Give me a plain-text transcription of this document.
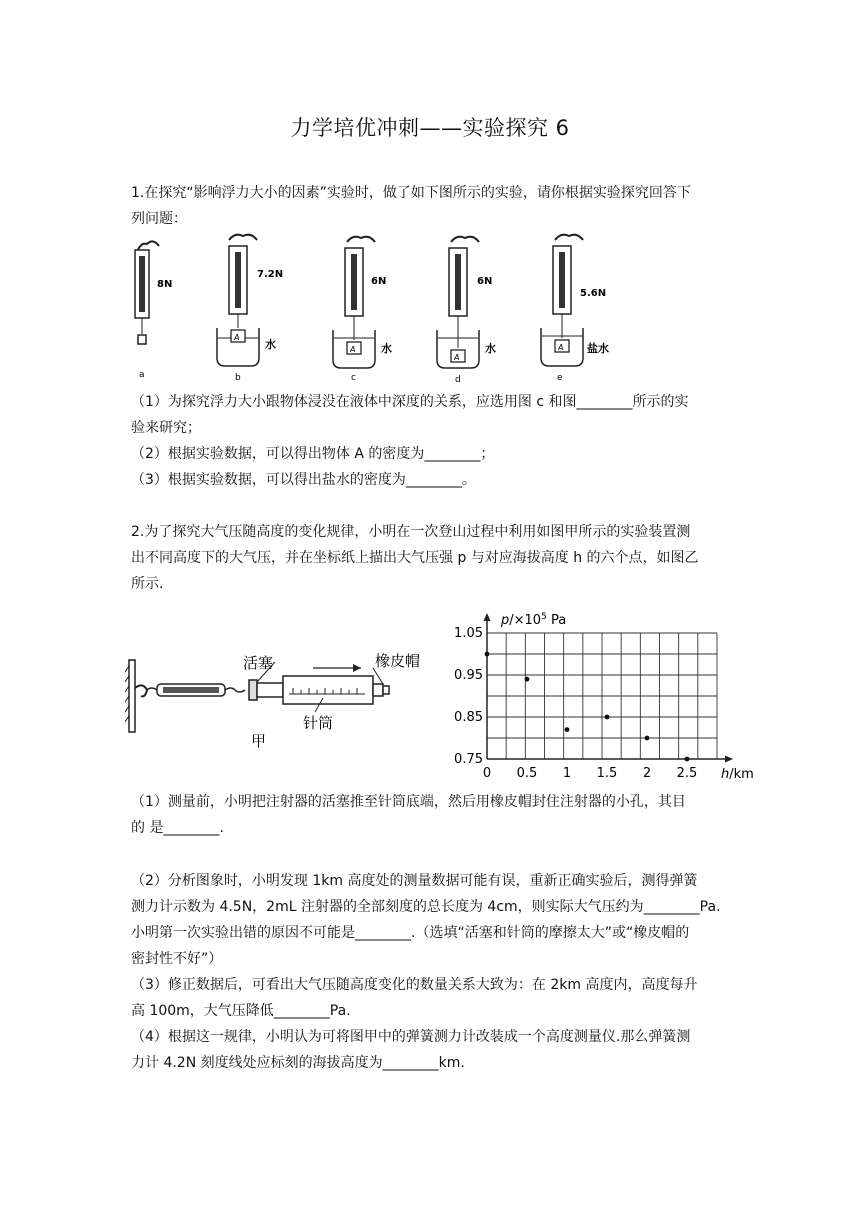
力学培优冲刺——实验探究 6
1.在探究“影响浮力大小的因素”实验时，做了如下图所示的实验，请你根据实验探究回答下
列问题：
8N
a
A
7.2N
水
b
A
6N
水
c
A
6N
水
d
A
5.6N
盐水
e
（1）为探究浮力大小跟物体浸没在液体中深度的关系，应选用图 c 和图________所示的实
验来研究；
（2）根据实验数据，可以得出物体 A 的密度为________；
（3）根据实验数据，可以得出盐水的密度为________。
2.为了探究大气压随高度的变化规律，小明在一次登山过程中利用如图甲所示的实验装置测
出不同高度下的大气压，并在坐标纸上描出大气压强 p 与对应海拔高度 h 的六个点，如图乙
所示.
活塞	橡皮帽
针筒
甲
$p/\times 10^5$ Pa
h/km
0 0.5 1 1.5 2 2.5
1.05
0.95
0.85
0.75
（1）测量前，小明把注射器的活塞推至针筒底端，然后用橡皮帽封住注射器的小孔，其目
的 是________.
（2）分析图象时，小明发现 1km 高度处的测量数据可能有误，重新正确实验后，测得弹簧
测力计示数为 4.5N，2mL 注射器的全部刻度的总长度为 4cm，则实际大气压约为________Pa.
小明第一次实验出错的原因不可能是________.（选填“活塞和针筒的摩擦太大”或“橡皮帽的
密封性不好”）
（3）修正数据后，可看出大气压随高度变化的数量关系大致为：在 2km 高度内，高度每升
高 100m，大气压降低________Pa.
（4）根据这一规律，小明认为可将图甲中的弹簧测力计改装成一个高度测量仪.那么弹簧测
力计 4.2N 刻度线处应标刻的海拔高度为________km.
